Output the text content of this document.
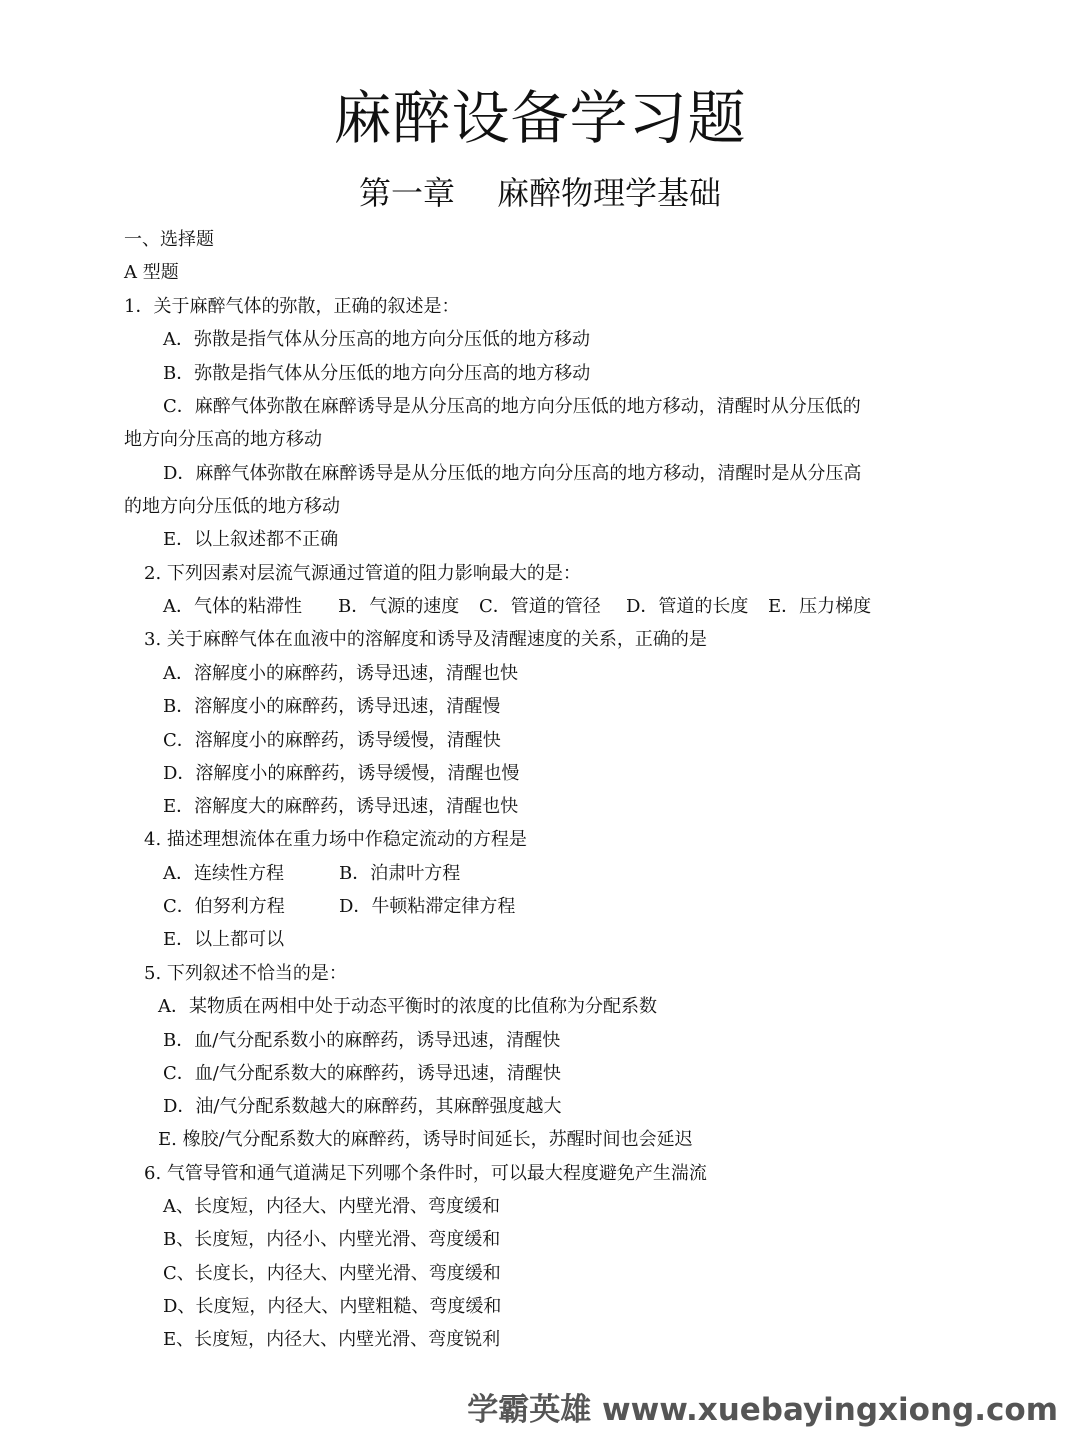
麻醉设备学习题
第一章 麻醉物理学基础
一、选择题
A 型题
1．关于麻醉气体的弥散，正确的叙述是：
A．弥散是指气体从分压高的地方向分压低的地方移动
B．弥散是指气体从分压低的地方向分压高的地方移动
C．麻醉气体弥散在麻醉诱导是从分压高的地方向分压低的地方移动，清醒时从分压低的
地方向分压高的地方移动
D．麻醉气体弥散在麻醉诱导是从分压低的地方向分压高的地方移动，清醒时是从分压高
的地方向分压低的地方移动
E．以上叙述都不正确
2. 下列因素对层流气源通过管道的阻力影响最大的是：
A．气体的粘滞性 B．气源的速度 C．管道的管径 D．管道的长度 E．压力梯度
3. 关于麻醉气体在血液中的溶解度和诱导及清醒速度的关系，正确的是
A．溶解度小的麻醉药，诱导迅速，清醒也快
B．溶解度小的麻醉药，诱导迅速，清醒慢
C．溶解度小的麻醉药，诱导缓慢，清醒快
D．溶解度小的麻醉药，诱导缓慢，清醒也慢
E．溶解度大的麻醉药，诱导迅速，清醒也快
4. 描述理想流体在重力场中作稳定流动的方程是
A．连续性方程	B．泊肃叶方程
C．伯努利方程	D．牛顿粘滞定律方程
E．以上都可以
5. 下列叙述不恰当的是：
A．某物质在两相中处于动态平衡时的浓度的比值称为分配系数
B．血/气分配系数小的麻醉药，诱导迅速，清醒快
C．血/气分配系数大的麻醉药，诱导迅速，清醒快
D．油/气分配系数越大的麻醉药，其麻醉强度越大
E. 橡胶/气分配系数大的麻醉药，诱导时间延长，苏醒时间也会延迟
6. 气管导管和通气道满足下列哪个条件时，可以最大程度避免产生湍流
A、长度短，内径大、内壁光滑、弯度缓和
B、长度短，内径小、内壁光滑、弯度缓和
C、长度长，内径大、内壁光滑、弯度缓和
D、长度短，内径大、内壁粗糙、弯度缓和
E、长度短，内径大、内壁光滑、弯度锐利
学霸英雄 www.xuebayingxiong.com
